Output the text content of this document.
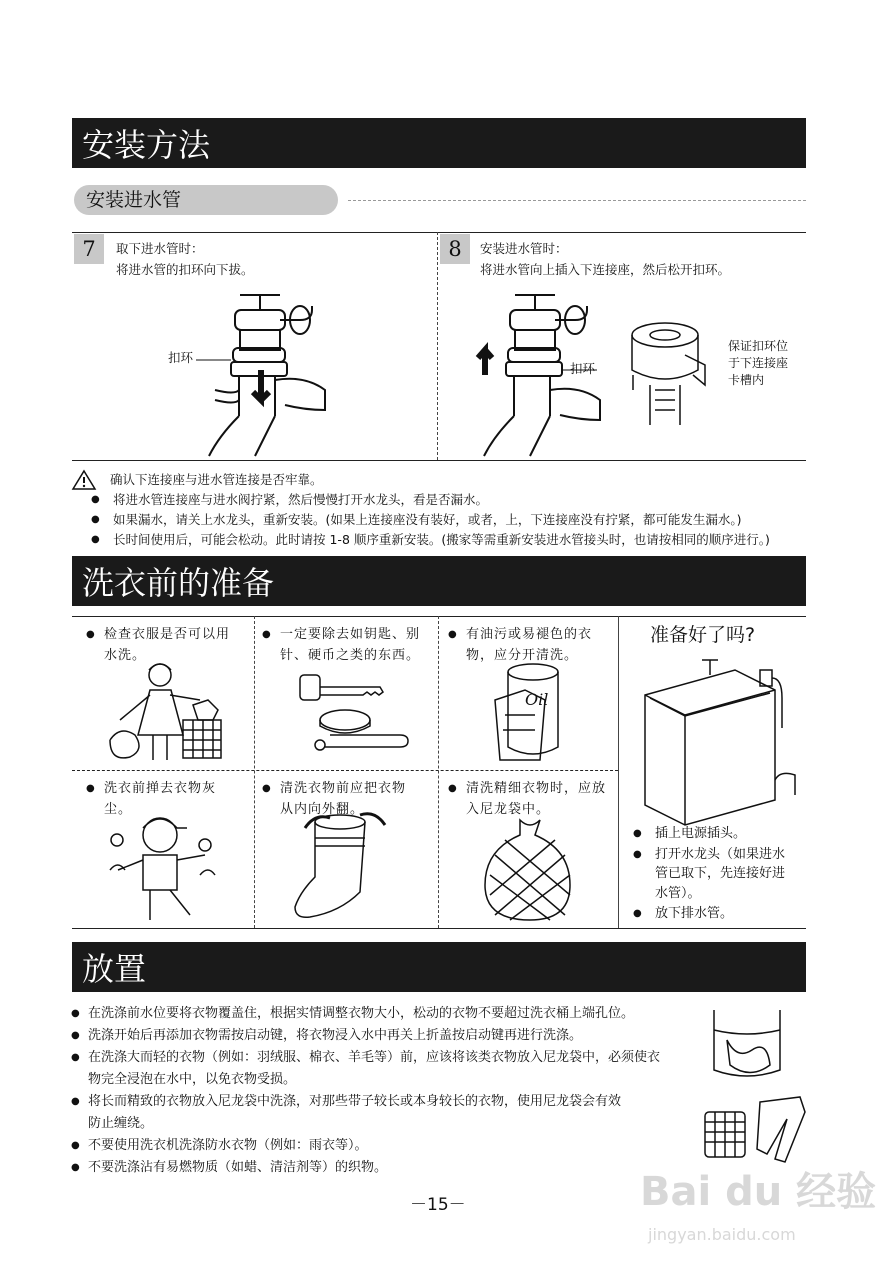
安装方法
安装进水管
7	取下进水管时：
将进水管的扣环向下拔。
扣环
8	安装进水管时：
将进水管向上插入下连接座，然后松开扣环。
扣环
保证扣环位
于下连接座
卡槽内
确认下连接座与进水管连接是否牢靠。
● 将进水管连接座与进水阀拧紧，然后慢慢打开水龙头，看是否漏水。
● 如果漏水，请关上水龙头，重新安装。(如果上连接座没有装好，或者，上，下连接座没有拧紧，都可能发生漏水。)
● 长时间使用后，可能会松动。此时请按 1-8 顺序重新安装。(搬家等需重新安装进水管接头时，也请按相同的顺序进行。)
洗衣前的准备
● 检查衣服是否可以用
水洗。
● 一定要除去如钥匙、别
针、硬币之类的东西。
● 有油污或易褪色的衣
物，应分开清洗。
● 洗衣前掸去衣物灰
尘。
● 清洗衣物前应把衣物
从内向外翻。
● 清洗精细衣物时，应放
入尼龙袋中。
Oil
准备好了吗?
● 插上电源插头。
● 打开水龙头（如果进水
管已取下，先连接好进
水管）。
● 放下排水管。
放置
● 在洗涤前水位要将衣物覆盖住，根据实情调整衣物大小，松动的衣物不要超过洗衣桶上端孔位。
● 洗涤开始后再添加衣物需按启动键，将衣物浸入水中再关上折盖按启动键再进行洗涤。
● 在洗涤大而轻的衣物（例如：羽绒服、棉衣、羊毛等）前，应该将该类衣物放入尼龙袋中，必须使衣
物完全浸泡在水中，以免衣物受损。
● 将长而精致的衣物放入尼龙袋中洗涤，对那些带子较长或本身较长的衣物，使用尼龙袋会有效
防止缠绕。
● 不要使用洗衣机洗涤防水衣物（例如：雨衣等）。
● 不要洗涤沾有易燃物质（如蜡、清洁剂等）的织物。
－15－	Bai du 经验
jingyan.baidu.com
